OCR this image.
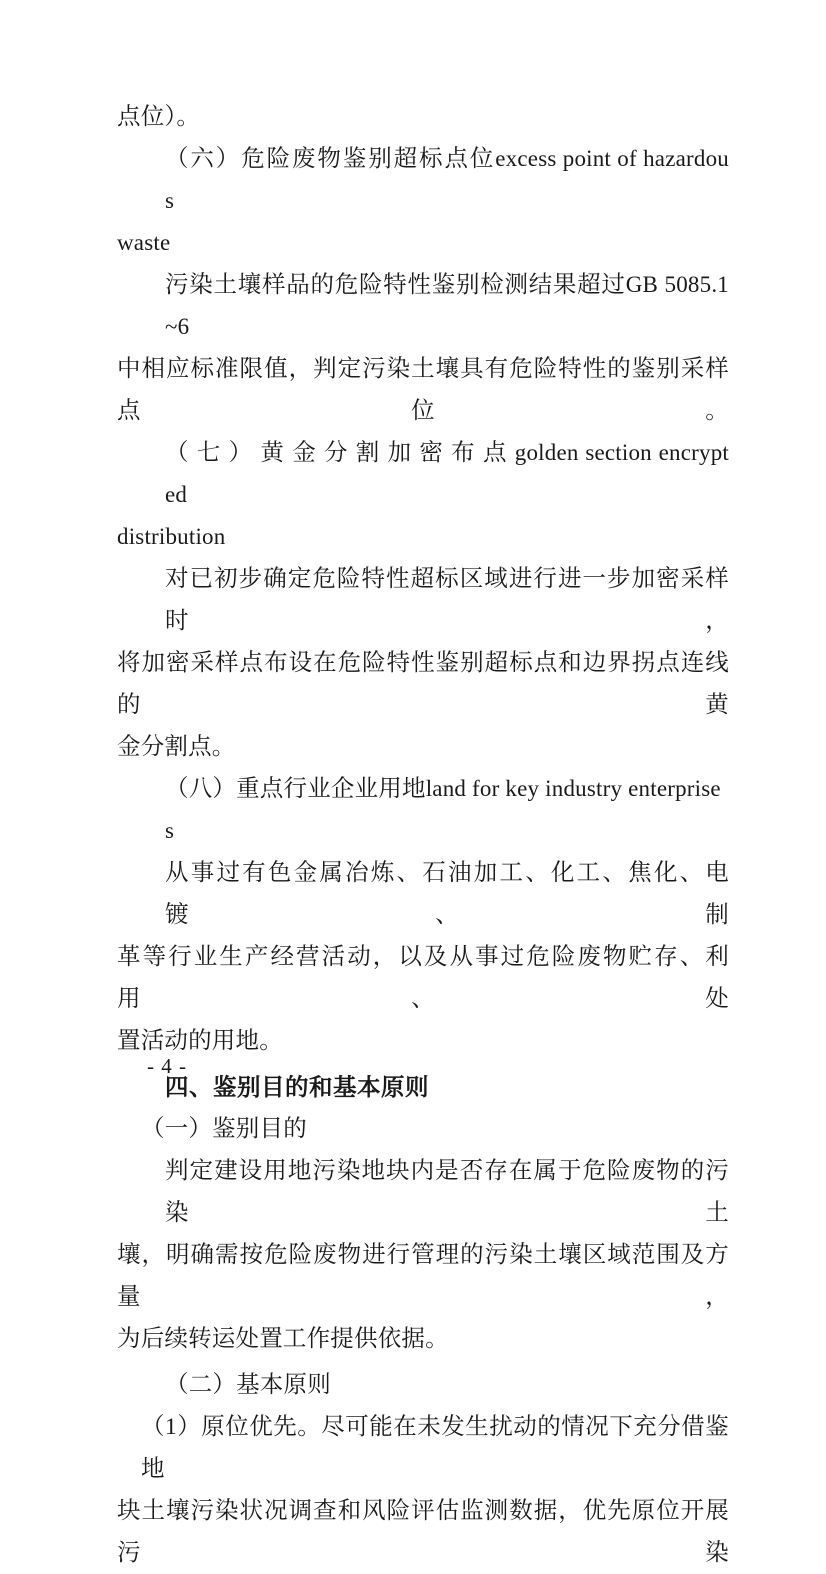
点位）。
（六）危险废物鉴别超标点位excess point of hazardous
waste
污染土壤样品的危险特性鉴别检测结果超过GB 5085.1~6
中相应标准限值，判定污染土壤具有危险特性的鉴别采样点位。
（七）黄金分割加密布点golden section encrypted
distribution
对已初步确定危险特性超标区域进行进一步加密采样时，
将加密采样点布设在危险特性鉴别超标点和边界拐点连线的黄
金分割点。
（八）重点行业企业用地land for key industry enterprises
从事过有色金属冶炼、石油加工、化工、焦化、电镀、制
革等行业生产经营活动，以及从事过危险废物贮存、利用、处
置活动的用地。
四、鉴别目的和基本原则
（一）鉴别目的
判定建设用地污染地块内是否存在属于危险废物的污染土
壤，明确需按危险废物进行管理的污染土壤区域范围及方量，
为后续转运处置工作提供依据。
（二）基本原则
（1）原位优先。尽可能在未发生扰动的情况下充分借鉴地
块土壤污染状况调查和风险评估监测数据，优先原位开展污染
- 4 -
